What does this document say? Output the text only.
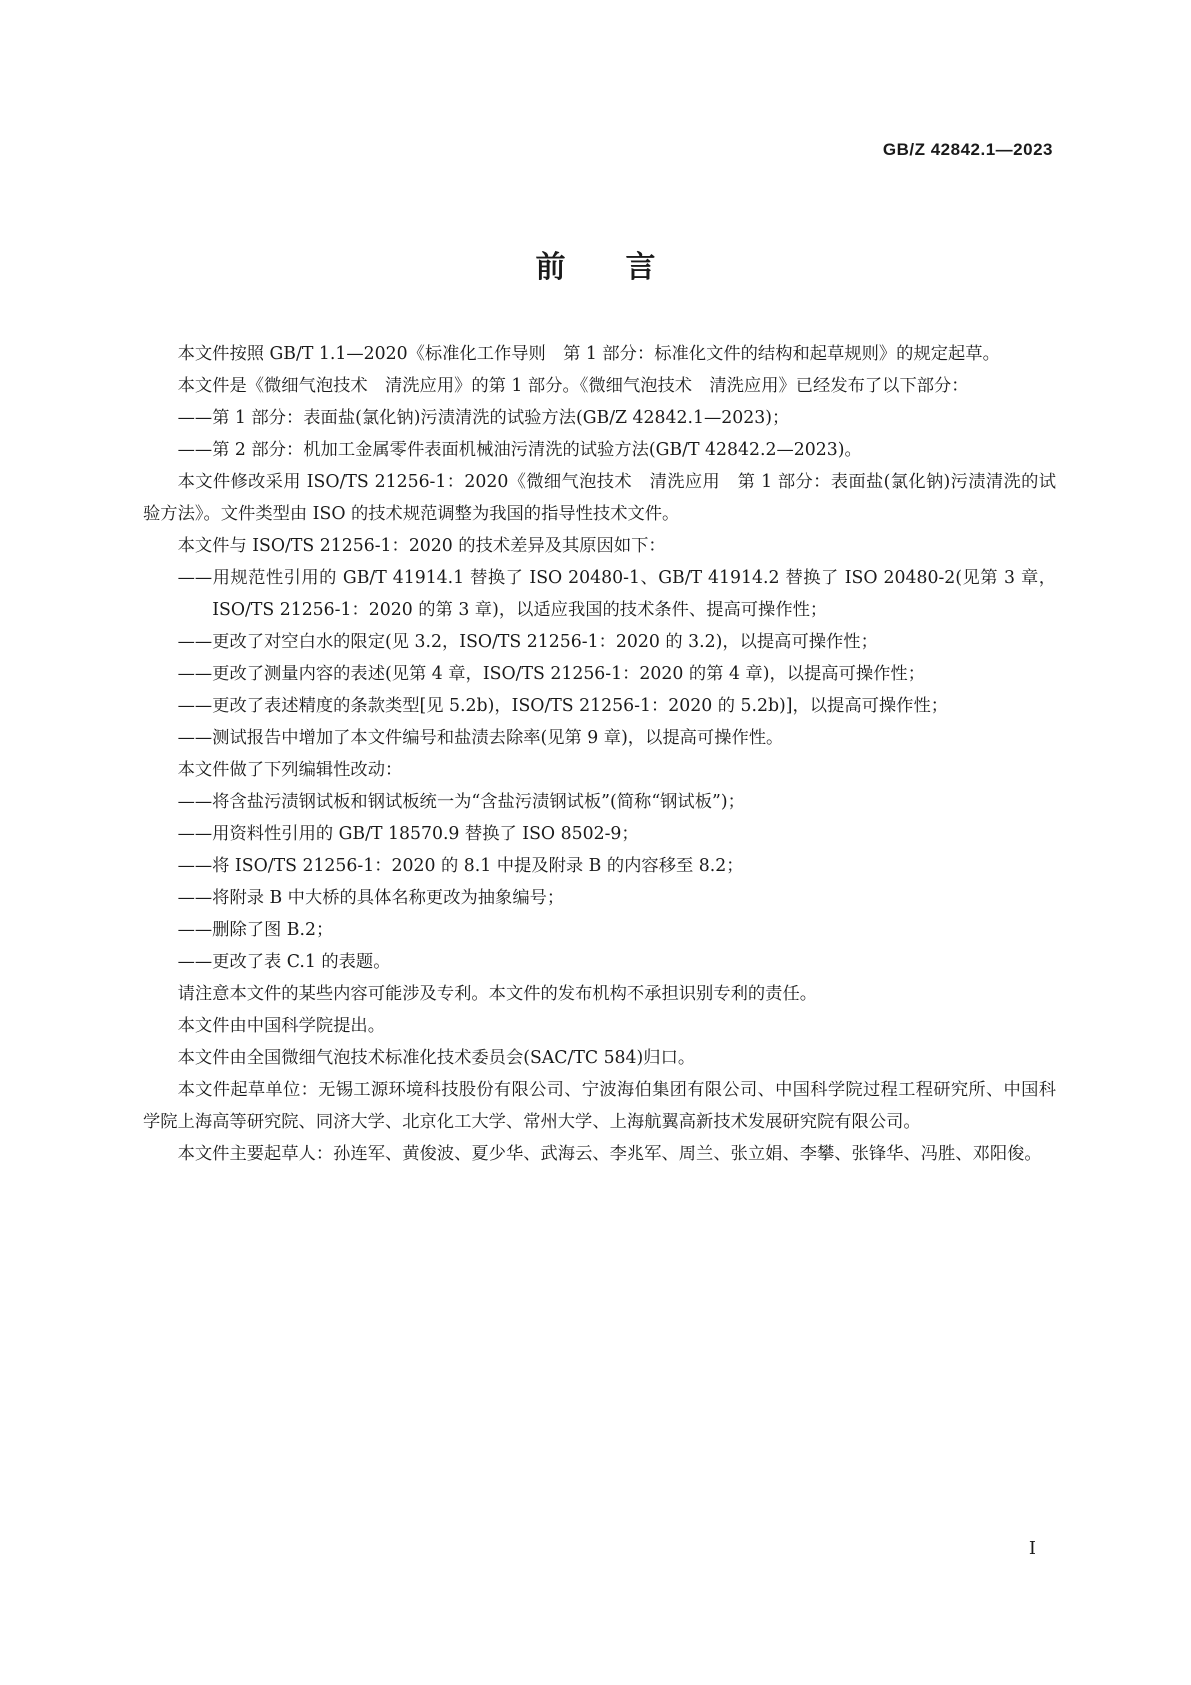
GB/Z 42842.1—2023
前 言

本文件按照 GB/T 1.1—2020《标准化工作导则　第 1 部分：标准化文件的结构和起草规则》的规定起草。

本文件是《微细气泡技术　清洗应用》的第 1 部分。《微细气泡技术　清洗应用》已经发布了以下部分：

——第 1 部分：表面盐(氯化钠)污渍清洗的试验方法(GB/Z 42842.1—2023)；

——第 2 部分：机加工金属零件表面机械油污清洗的试验方法(GB/T 42842.2—2023)。

本文件修改采用 ISO/TS 21256-1：2020《微细气泡技术　清洗应用　第 1 部分：表面盐(氯化钠)污渍清洗的试验方法》。文件类型由 ISO 的技术规范调整为我国的指导性技术文件。

本文件与 ISO/TS 21256-1：2020 的技术差异及其原因如下：

——用规范性引用的 GB/T 41914.1 替换了 ISO 20480-1、GB/T 41914.2 替换了 ISO 20480-2(见第 3 章，ISO/TS 21256-1：2020 的第 3 章)，以适应我国的技术条件、提高可操作性；

——更改了对空白水的限定(见 3.2，ISO/TS 21256-1：2020 的 3.2)，以提高可操作性；

——更改了测量内容的表述(见第 4 章，ISO/TS 21256-1：2020 的第 4 章)，以提高可操作性；

——更改了表述精度的条款类型[见 5.2b)，ISO/TS 21256-1：2020 的 5.2b)]，以提高可操作性；

——测试报告中增加了本文件编号和盐渍去除率(见第 9 章)，以提高可操作性。

本文件做了下列编辑性改动：

——将含盐污渍钢试板和钢试板统一为“含盐污渍钢试板”(简称“钢试板”)；

——用资料性引用的 GB/T 18570.9 替换了 ISO 8502-9；

——将 ISO/TS 21256-1：2020 的 8.1 中提及附录 B 的内容移至 8.2；

——将附录 B 中大桥的具体名称更改为抽象编号；

——删除了图 B.2；

——更改了表 C.1 的表题。

请注意本文件的某些内容可能涉及专利。本文件的发布机构不承担识别专利的责任。

本文件由中国科学院提出。

本文件由全国微细气泡技术标准化技术委员会(SAC/TC 584)归口。

本文件起草单位：无锡工源环境科技股份有限公司、宁波海伯集团有限公司、中国科学院过程工程研究所、中国科学院上海高等研究院、同济大学、北京化工大学、常州大学、上海航翼高新技术发展研究院有限公司。

本文件主要起草人：孙连军、黄俊波、夏少华、武海云、李兆军、周兰、张立娟、李攀、张锋华、冯胜、邓阳俊。

I
